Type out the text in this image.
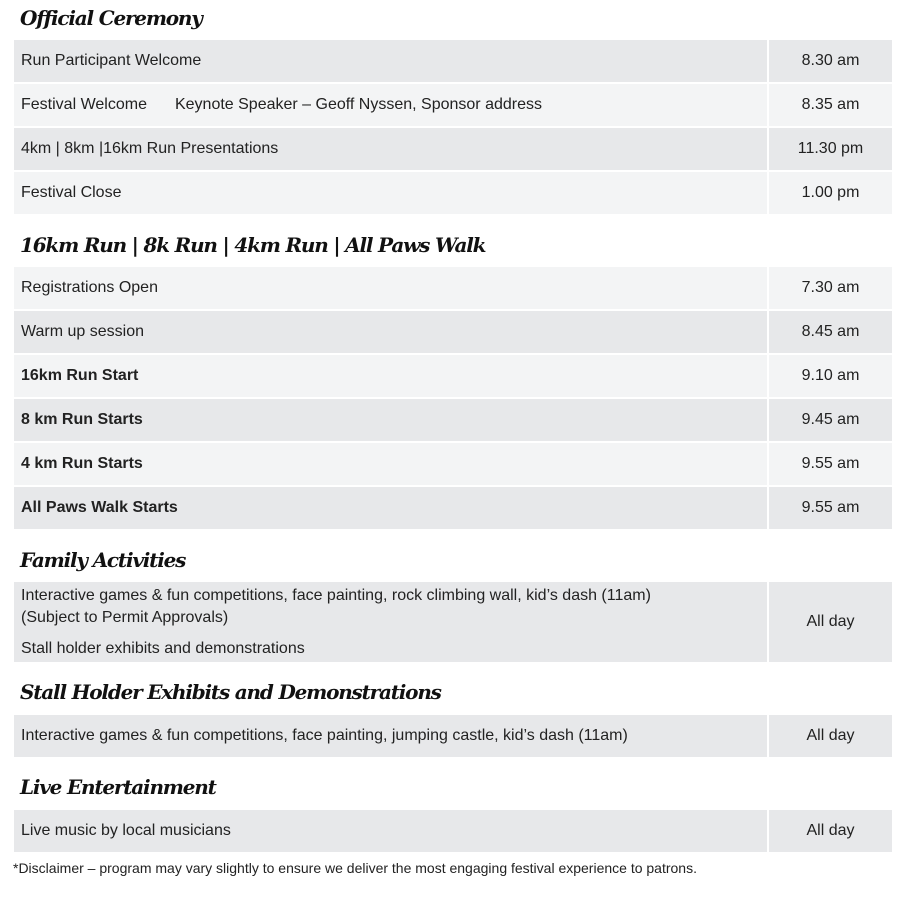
Official Ceremony
Run Participant Welcome	8.30 am
Festival Welcome Keynote Speaker – Geoff Nyssen, Sponsor address	8.35 am
4km | 8km |16km Run Presentations	11.30 pm
Festival Close	1.00 pm
16km Run | 8k Run | 4km Run | All Paws Walk
Registrations Open	7.30 am
Warm up session	8.45 am
16km Run Start	9.10 am
8 km Run Starts	9.45 am
4 km Run Starts	9.55 am
All Paws Walk Starts	9.55 am
Family Activities
Interactive games & fun competitions, face painting, rock climbing wall, kid’s dash (11am)
(Subject to Permit Approvals)
Stall holder exhibits and demonstrations
All day
Stall Holder Exhibits and Demonstrations
Interactive games & fun competitions, face painting, jumping castle, kid’s dash (11am)	All day
Live Entertainment
Live music by local musicians	All day
*Disclaimer – program may vary slightly to ensure we deliver the most engaging festival experience to patrons.
